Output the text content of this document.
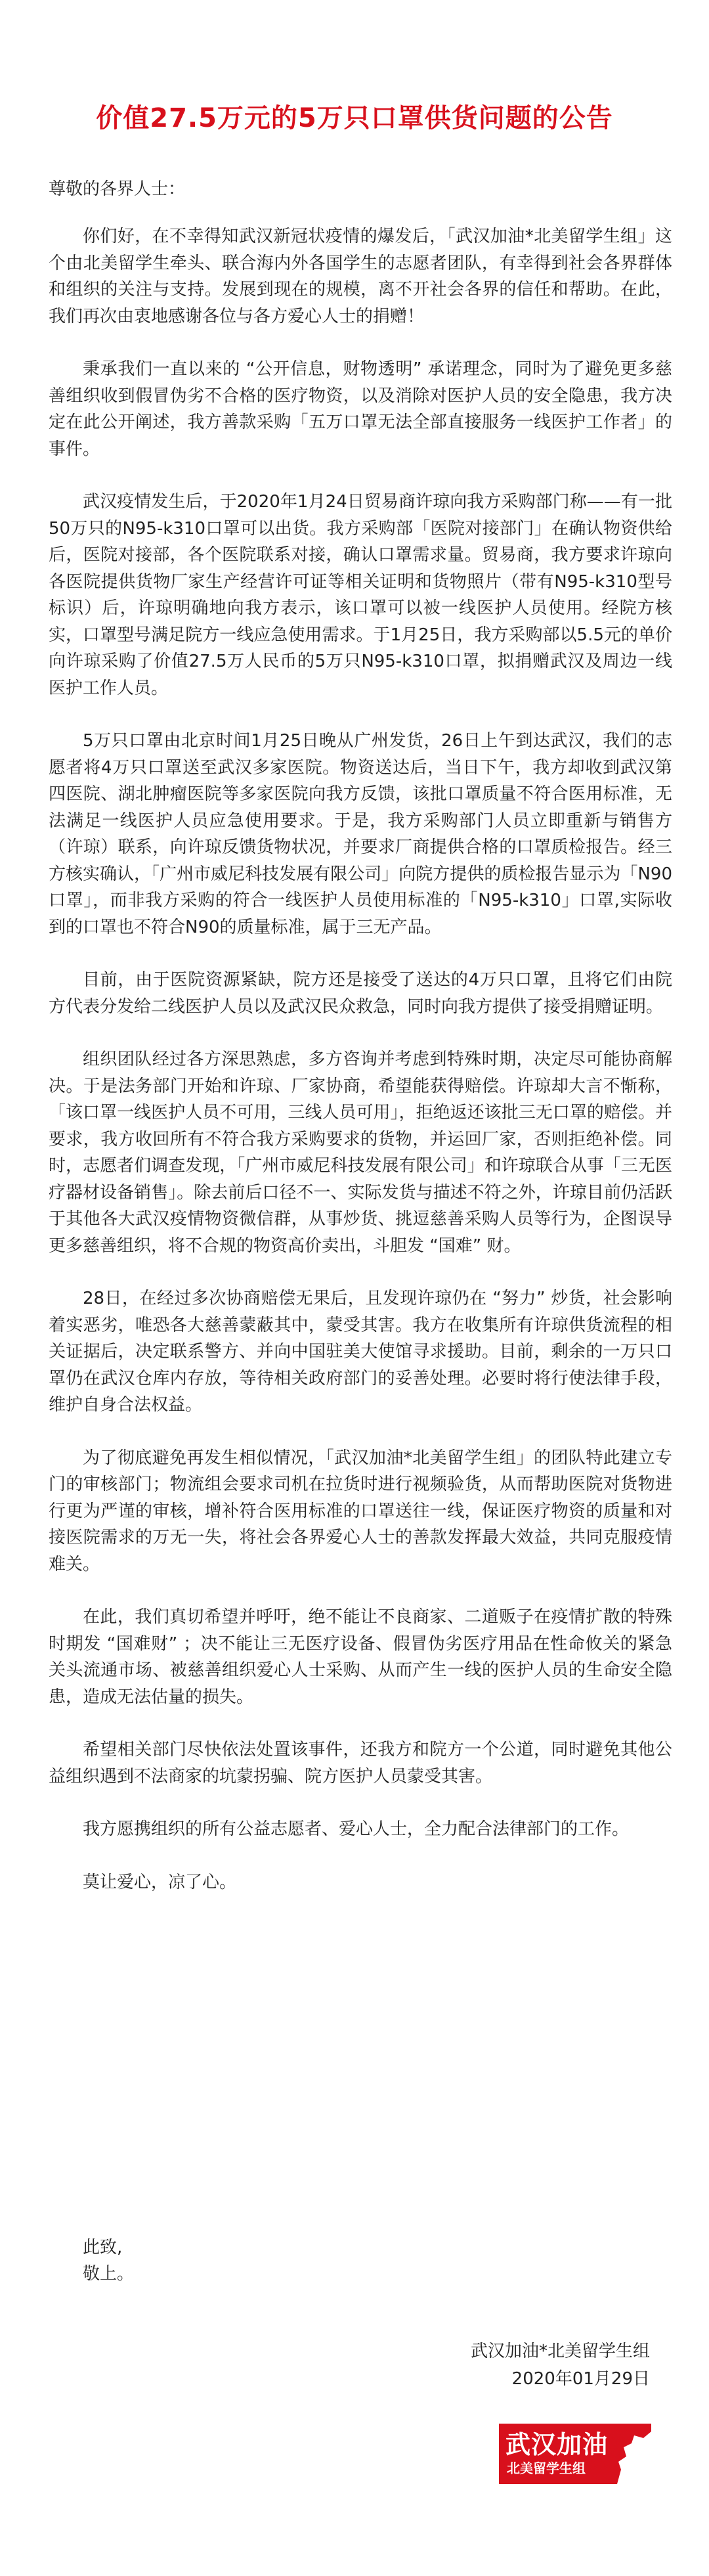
价值27.5万元的5万只口罩供货问题的公告
尊敬的各界人士：

你们好，在不幸得知武汉新冠状疫情的爆发后，「武汉加油*北美留学生组」这个由北美留学生牵头、联合海内外各国学生的志愿者团队，有幸得到社会各界群体和组织的关注与支持。发展到现在的规模，离不开社会各界的信任和帮助。在此，我们再次由衷地感谢各位与各方爱心人士的捐赠！

秉承我们一直以来的 “公开信息，财物透明” 承诺理念，同时为了避免更多慈善组织收到假冒伪劣不合格的医疗物资，以及消除对医护人员的安全隐患，我方决定在此公开阐述，我方善款采购「五万口罩无法全部直接服务一线医护工作者」的事件。

武汉疫情发生后，于2020年1月24日贸易商许琼向我方采购部门称——有一批50万只的N95-k310口罩可以出货。我方采购部「医院对接部门」在确认物资供给后，医院对接部，各个医院联系对接，确认口罩需求量。贸易商，我方要求许琼向各医院提供货物厂家生产经营许可证等相关证明和货物照片（带有N95-k310型号标识）后，许琼明确地向我方表示，该口罩可以被一线医护人员使用。经院方核实，口罩型号满足院方一线应急使用需求。于1月25日，我方采购部以5.5元的单价向许琼采购了价值27.5万人民币的5万只N95-k310口罩，拟捐赠武汉及周边一线医护工作人员。

5万只口罩由北京时间1月25日晚从广州发货，26日上午到达武汉，我们的志愿者将4万只口罩送至武汉多家医院。物资送达后，当日下午，我方却收到武汉第四医院、湖北肿瘤医院等多家医院向我方反馈，该批口罩质量不符合医用标准，无法满足一线医护人员应急使用要求。于是，我方采购部门人员立即重新与销售方（许琼）联系，向许琼反馈货物状况，并要求厂商提供合格的口罩质检报告。经三方核实确认，「广州市威尼科技发展有限公司」向院方提供的质检报告显示为「N90口罩」，而非我方采购的符合一线医护人员使用标准的「N95-k310」口罩,实际收到的口罩也不符合N90的质量标准，属于三无产品。

目前，由于医院资源紧缺，院方还是接受了送达的4万只口罩，且将它们由院方代表分发给二线医护人员以及武汉民众救急，同时向我方提供了接受捐赠证明。

组织团队经过各方深思熟虑，多方咨询并考虑到特殊时期，决定尽可能协商解决。于是法务部门开始和许琼、厂家协商，希望能获得赔偿。许琼却大言不惭称，「该口罩一线医护人员不可用，三线人员可用」，拒绝返还该批三无口罩的赔偿。并要求，我方收回所有不符合我方采购要求的货物，并运回厂家，否则拒绝补偿。同时，志愿者们调查发现，「广州市威尼科技发展有限公司」和许琼联合从事「三无医疗器材设备销售」。除去前后口径不一、实际发货与描述不符之外，许琼目前仍活跃于其他各大武汉疫情物资微信群，从事炒货、挑逗慈善采购人员等行为，企图误导更多慈善组织，将不合规的物资高价卖出，斗胆发 “国难” 财。

28日，在经过多次协商赔偿无果后，且发现许琼仍在 “努力” 炒货，社会影响着实恶劣，唯恐各大慈善蒙蔽其中，蒙受其害。我方在收集所有许琼供货流程的相关证据后，决定联系警方、并向中国驻美大使馆寻求援助。目前，剩余的一万只口罩仍在武汉仓库内存放，等待相关政府部门的妥善处理。必要时将行使法律手段，维护自身合法权益。

为了彻底避免再发生相似情况，「武汉加油*北美留学生组」的团队特此建立专门的审核部门；物流组会要求司机在拉货时进行视频验货，从而帮助医院对货物进行更为严谨的审核，增补符合医用标准的口罩送往一线，保证医疗物资的质量和对接医院需求的万无一失，将社会各界爱心人士的善款发挥最大效益，共同克服疫情难关。

在此，我们真切希望并呼吁，绝不能让不良商家、二道贩子在疫情扩散的特殊时期发 “国难财” ；决不能让三无医疗设备、假冒伪劣医疗用品在性命攸关的紧急关头流通市场、被慈善组织爱心人士采购、从而产生一线的医护人员的生命安全隐患，造成无法估量的损失。

希望相关部门尽快依法处置该事件，还我方和院方一个公道，同时避免其他公益组织遇到不法商家的坑蒙拐骗、院方医护人员蒙受其害。

我方愿携组织的所有公益志愿者、爱心人士，全力配合法律部门的工作。

莫让爱心，凉了心。

此致,
敬上。
武汉加油*北美留学生组
2020年01月29日
武汉加油
北美留学生组
